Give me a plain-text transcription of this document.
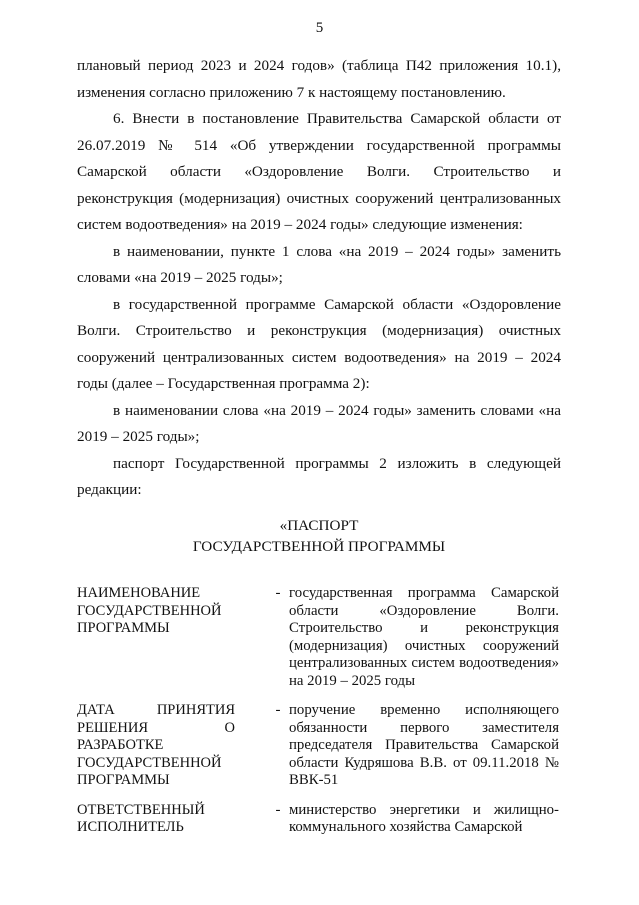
5

плановый период 2023 и 2024 годов» (таблица П42 приложения 10.1), изменения согласно приложению 7 к настоящему постановлению.

6. Внести в постановление Правительства Самарской области от 26.07.2019 № 514 «Об утверждении государственной программы Самарской области «Оздоровление Волги. Строительство и реконструкция (модернизация) очистных сооружений централизованных систем водоотведения» на 2019 – 2024 годы» следующие изменения:

в наименовании, пункте 1 слова «на 2019 – 2024 годы» заменить словами «на 2019 – 2025 годы»;

в государственной программе Самарской области «Оздоровление Волги. Строительство и реконструкция (модернизация) очистных сооружений централизованных систем водоотведения» на 2019 – 2024 годы (далее – Государственная программа 2):

в наименовании слова «на 2019 – 2024 годы» заменить словами «на 2019 – 2025 годы»;

паспорт Государственной программы 2 изложить в следующей редакции:

«ПАСПОРТ
ГОСУДАРСТВЕННОЙ ПРОГРАММЫ
НАИМЕНОВАНИЕ ГОСУДАРСТВЕННОЙ ПРОГРАММЫ
- государственная программа Самарской области «Оздоровление Волги. Строительство и реконструкция (модернизация) очистных сооружений централизованных систем водоотведения» на 2019 – 2025 годы
ДАТА ПРИНЯТИЯ РЕШЕНИЯ О РАЗРАБОТКЕ ГОСУДАРСТВЕННОЙ ПРОГРАММЫ
- поручение временно исполняющего обязанности первого заместителя председателя Правительства Самарской области Кудряшова В.В. от 09.11.2018 № ВВК-51
ОТВЕТСТВЕННЫЙ ИСПОЛНИТЕЛЬ
- министерство энергетики и жилищно-коммунального хозяйства Самарской
